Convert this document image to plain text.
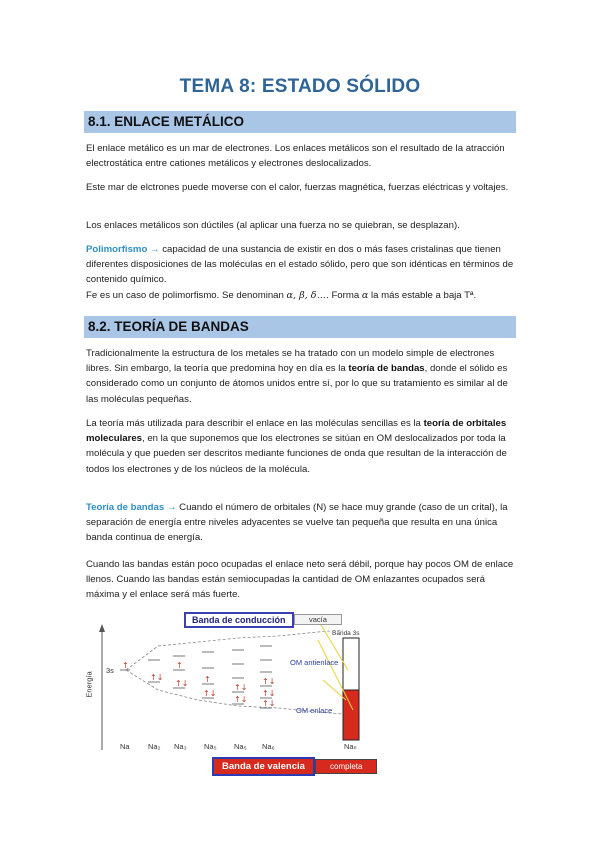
TEMA 8: ESTADO SÓLIDO
8.1. ENLACE METÁLICO
El enlace metálico es un mar de electrones. Los enlaces metálicos son el resultado de la atracción electrostática entre cationes metálicos y electrones deslocalizados.
Este mar de elctrones puede moverse con el calor, fuerzas magnética, fuerzas eléctricas y voltajes.
Los enlaces metálicos son dúctiles (al aplicar una fuerza no se quiebran, se desplazan).
Polimorfismo → capacidad de una sustancia de existir en dos o más fases cristalinas que tienen diferentes disposiciones de las moléculas en el estado sólido, pero que son idénticas en términos de contenido químico.
Fe es un caso de polimorfismo. Se denominan α, β, δ…. Forma α la más estable a baja Tª.
8.2. TEORÍA DE BANDAS
Tradicionalmente la estructura de los metales se ha tratado con un modelo simple de electrones libres. Sin embargo, la teoría que predomina hoy en día es la teoría de bandas, donde el sólido es considerado como un conjunto de átomos unidos entre sí, por lo que su tratamiento es similar al de las moléculas pequeñas.
La teoría más utilizada para describir el enlace en las moléculas sencillas es la teoría de orbitales moleculares, en la que suponemos que los electrones se sitúan en OM deslocalizados por toda la molécula y que pueden ser descritos mediante funciones de onda que resultan de la interacción de todos los electrones y de los núcleos de la molécula.
Teoría de bandas → Cuando el número de orbitales (N) se hace muy grande (caso de un crital), la separación de energía entre niveles adyacentes se vuelve tan pequeña que resulta en una única banda continua de energía.
Cuando las bandas están poco ocupadas el enlace neto será débil, porque hay pocos OM de enlace llenos. Cuando las bandas están semiocupadas la cantidad de OM enlazantes ocupados será máxima y el enlace será más fuerte.
↑↓
↑	↑
↑↓ ↑
↑↓
↑↓
↑↓
↑↓
↑↓
↑↓
Banda de conducción	vacía
Banda 3s
OM antienlace
OM enlace
3s
Energía
Na Na₂ Na₃ Na₅ Na₅ Na₆	Naₙ
Banda de valencia	completa
